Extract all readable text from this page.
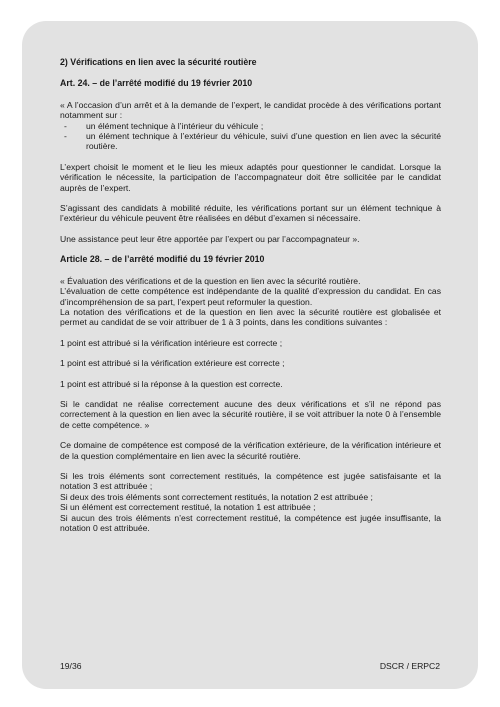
2) Vérifications en lien avec la sécurité routière
Art. 24. – de l’arrêté modifié du 19 février 2010

« A l’occasion d’un arrêt et à la demande de l’expert, le candidat procède à des vérifications portant notamment sur :

- un élément technique à l’intérieur du véhicule ;
- un élément technique à l’extérieur du véhicule, suivi d’une question en lien avec la sécurité routière.

L’expert choisit le moment et le lieu les mieux adaptés pour questionner le candidat. Lorsque la vérification le nécessite, la participation de l’accompagnateur doit être sollicitée par le candidat auprès de l’expert.

S’agissant des candidats à mobilité réduite, les vérifications portant sur un élément technique à l’extérieur du véhicule peuvent être réalisées en début d’examen si nécessaire.

Une assistance peut leur être apportée par l’expert ou par l’accompagnateur ».

Article 28. – de l’arrêté modifié du 19 février 2010

« Évaluation des vérifications et de la question en lien avec la sécurité routière.

L’évaluation de cette compétence est indépendante de la qualité d’expression du candidat. En cas d’incompréhension de sa part, l’expert peut reformuler la question.

La notation des vérifications et de la question en lien avec la sécurité routière est globalisée et permet au candidat de se voir attribuer de 1 à 3 points, dans les conditions suivantes :

1 point est attribué si la vérification intérieure est correcte ;

1 point est attribué si la vérification extérieure est correcte ;

1 point est attribué si la réponse à la question est correcte.

Si le candidat ne réalise correctement aucune des deux vérifications et s’il ne répond pas correctement à la question en lien avec la sécurité routière, il se voit attribuer la note 0 à l’ensemble de cette compétence. »

Ce domaine de compétence est composé de la vérification extérieure, de la vérification intérieure et de la question complémentaire en lien avec la sécurité routière.

Si les trois éléments sont correctement restitués, la compétence est jugée satisfaisante et la notation 3 est attribuée ;

Si deux des trois éléments sont correctement restitués, la notation 2 est attribuée ;

Si un élément est correctement restitué, la notation 1 est attribuée ;

Si aucun des trois éléments n’est correctement restitué, la compétence est jugée insuffisante, la notation 0 est attribuée.

19/36	DSCR / ERPC2
